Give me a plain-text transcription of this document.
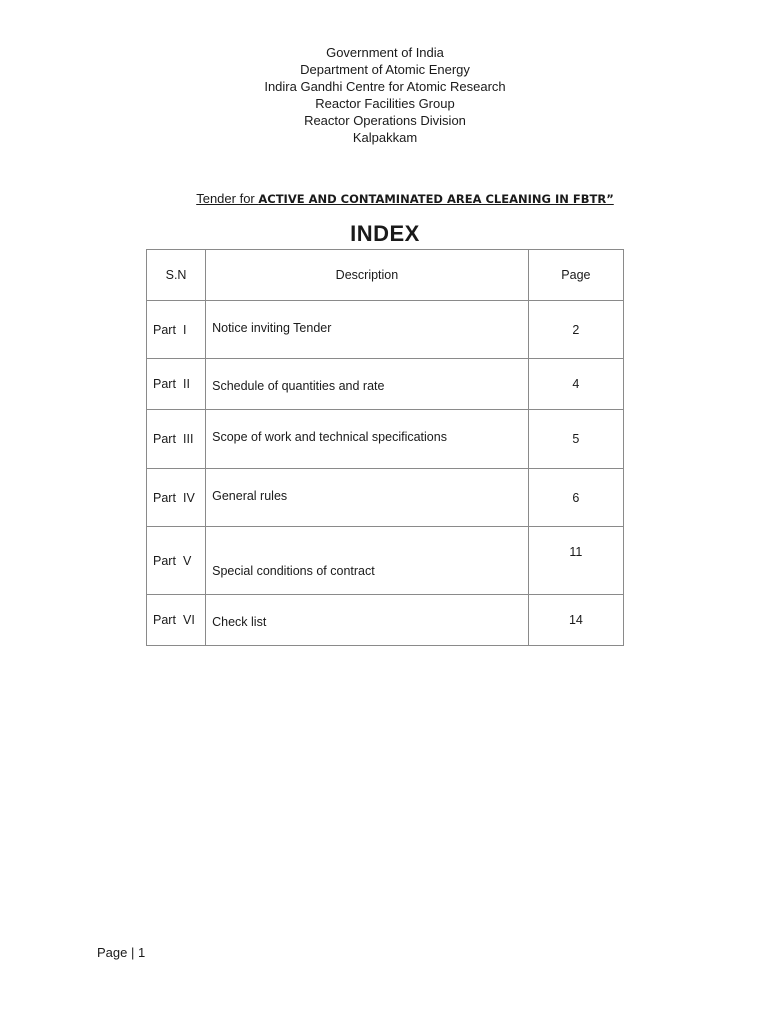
Government of India
Department of Atomic Energy
Indira Gandhi Centre for Atomic Research
Reactor Facilities Group
Reactor Operations Division
Kalpakkam
Tender for ACTIVE AND CONTAMINATED AREA CLEANING IN FBTR”
INDEX
S.N	Description	Page
Part I	Notice inviting Tender	2
Part II	Schedule of quantities and rate	4
Part III	Scope of work and technical specifications	5
Part IV	General rules	6
Part V	Special conditions of contract	11
Part VI	Check list	14
Page | 1
